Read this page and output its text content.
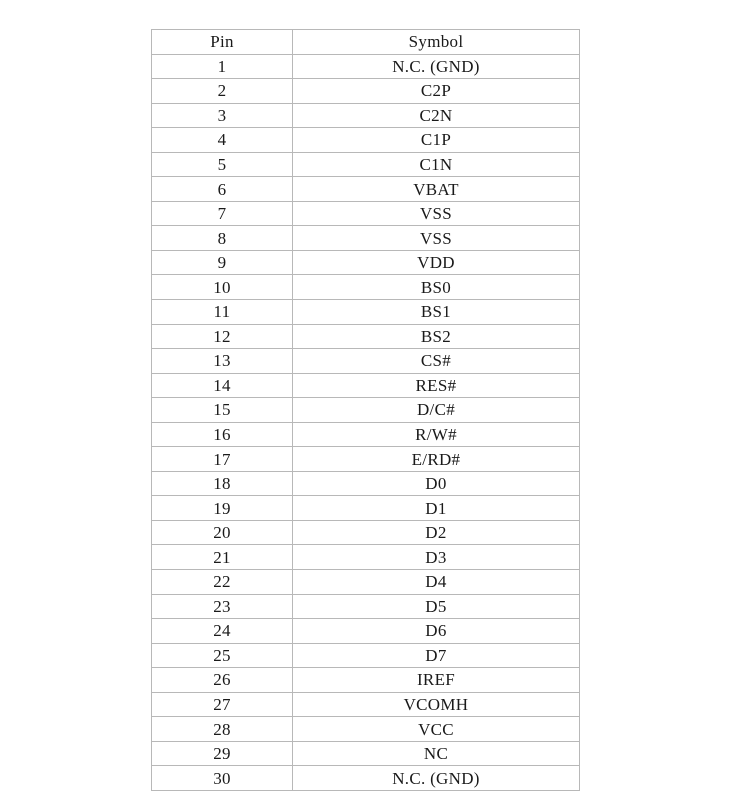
Pin	Symbol
1	N.C. (GND)
2	C2P
3	C2N
4	C1P
5	C1N
6	VBAT
7	VSS
8	VSS
9	VDD
10	BS0
11	BS1
12	BS2
13	CS#
14	RES#
15	D/C#
16	R/W#
17	E/RD#
18	D0
19	D1
20	D2
21	D3
22	D4
23	D5
24	D6
25	D7
26	IREF
27	VCOMH
28	VCC
29	NC
30	N.C. (GND)
